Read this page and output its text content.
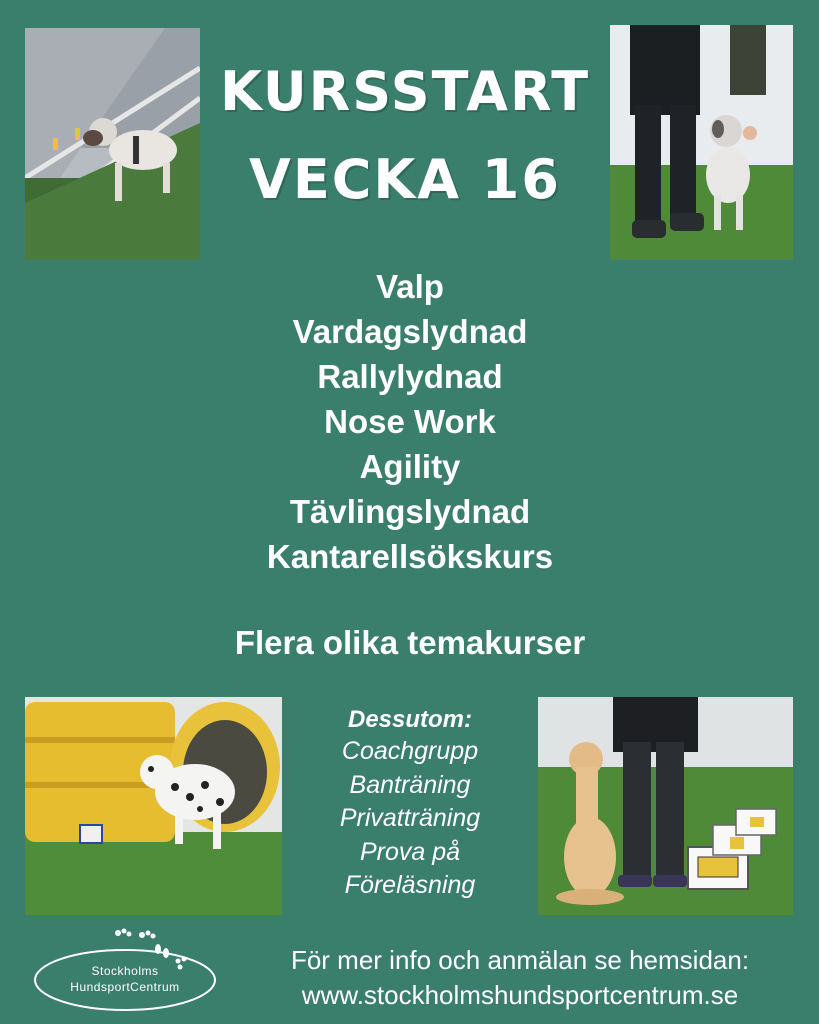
KURSSTART
VECKA 16
Valp
Vardagslydnad
Rallylydnad
Nose Work
Agility
Tävlingslydnad
Kantarellsökskurs
Flera olika temakurser
Dessutom:
Coachgrupp
Banträning
Privatträning
Prova på
Föreläsning
Stockholms
HundsportCentrum
För mer info och anmälan se hemsidan:
www.stockholmshundsportcentrum.se
